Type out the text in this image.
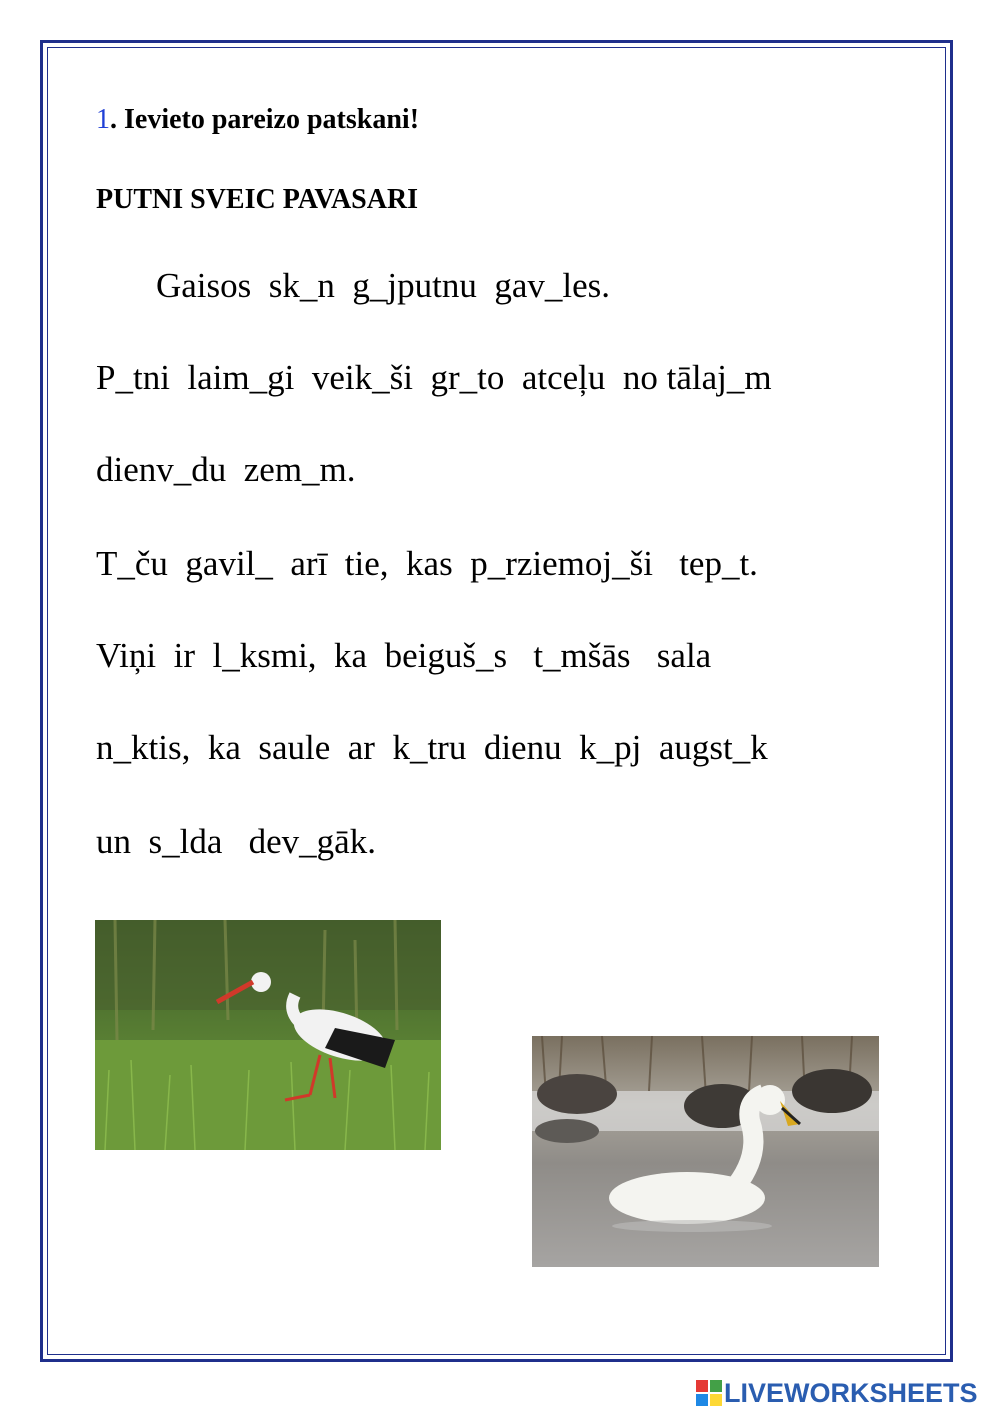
1. Ievieto pareizo patskani!
PUTNI SVEIC PAVASARI
Gaisos  sk_n  g_jputnu  gav_les.
P_tni  laim_gi  veik_ši  gr_to  atceļu  no tālaj_m
dienv_du  zem_m.
T_ču  gavil_  arī  tie,  kas  p_rziemoj_ši   tep_t.
Viņi  ir  l_ksmi,  ka  beiguš_s   t_mšās   sala
n_ktis,  ka  saule  ar  k_tru  dienu  k_pj  augst_k
un  s_lda   dev_gāk.
LIVEWORKSHEETS
